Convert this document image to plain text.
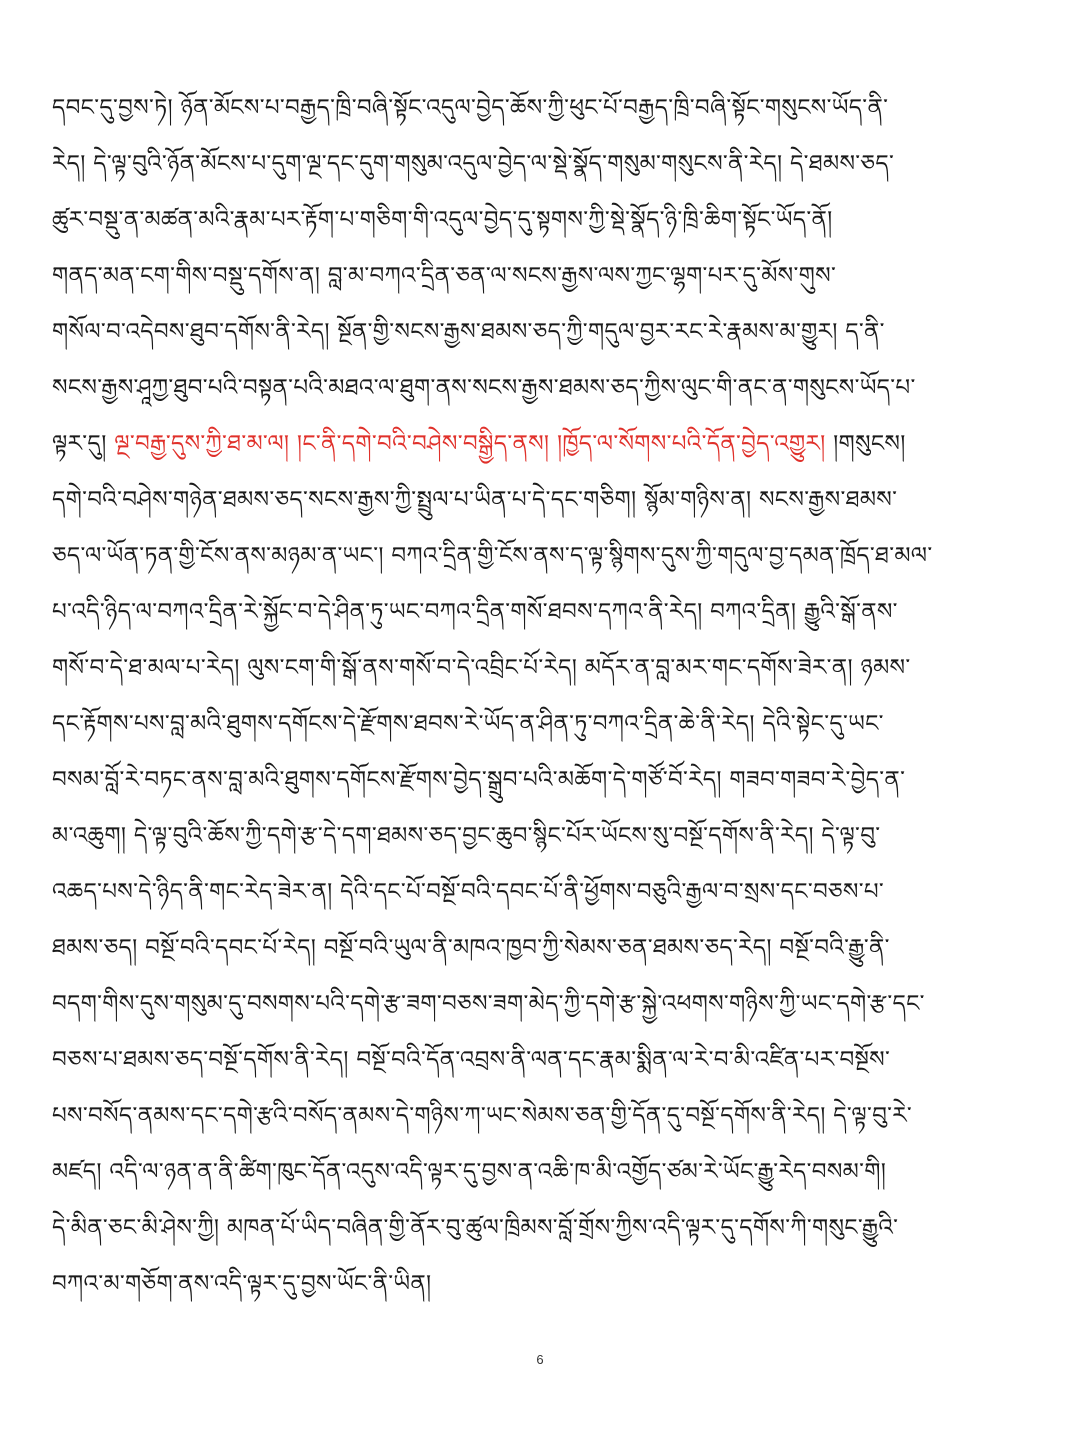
དབང་དུ་བྱས་ཏེ། ཉོན་མོངས་པ་བརྒྱད་ཁྲི་བཞི་སྟོང་འདུལ་བྱེད་ཆོས་ཀྱི་ཕུང་པོ་བརྒྱད་ཁྲི་བཞི་སྟོང་གསུངས་ཡོད་ནི་
རེད། དེ་ལྟ་བུའི་ཉོན་མོངས་པ་དུག་ལྔ་དང་དུག་གསུམ་འདུལ་བྱེད་ལ་སྡེ་སྣོད་གསུམ་གསུངས་ནི་རེད། དེ་ཐམས་ཅད་
ཚུར་བསྡུ་ན་མཚན་མའི་རྣམ་པར་རྟོག་པ་གཅིག་གི་འདུལ་བྱེད་དུ་སྟགས་ཀྱི་སྡེ་སྣོད་ཉི་ཁྲི་ཆིག་སྟོང་ཡོད་ནོ།
གནད་མན་ངག་གིས་བསྡུ་དགོས་ན། བླ་མ་བཀའ་དྲིན་ཅན་ལ་སངས་རྒྱས་ལས་ཀྱང་ལྷག་པར་དུ་མོས་གུས་
གསོལ་བ་འདེབས་ཐུབ་དགོས་ནི་རེད། སྔོན་གྱི་སངས་རྒྱས་ཐམས་ཅད་ཀྱི་གདུལ་བྱར་རང་རེ་རྣམས་མ་གྱུར། ད་ནི་
སངས་རྒྱས་ཤཱཀྱ་ཐུབ་པའི་བསྟན་པའི་མཐའ་ལ་ཐུག་ནས་སངས་རྒྱས་ཐམས་ཅད་ཀྱིས་ལུང་གི་ནང་ན་གསུངས་ཡོད་པ་
ལྟར་དུ། ལྔ་བརྒྱ་དུས་ཀྱི་ཐ་མ་ལ། །ང་ནི་དགེ་བའི་བཤེས་བསྒྱིད་ནས། །ཁྱོད་ལ་སོགས་པའི་དོན་བྱེད་འགྱུར། །གསུངས།
དགེ་བའི་བཤེས་གཉེན་ཐམས་ཅད་སངས་རྒྱས་ཀྱི་སྤྲུལ་པ་ཡིན་པ་དེ་དང་གཅིག། སྙོམ་གཉིས་ན། སངས་རྒྱས་ཐམས་
ཅད་ལ་ཡོན་ཏན་གྱི་ངོས་ནས་མཉམ་ན་ཡང་། བཀའ་དྲིན་གྱི་ངོས་ནས་ད་ལྟ་སྙིགས་དུས་ཀྱི་གདུལ་བྱ་དམན་ཁྲོད་ཐ་མལ་
པ་འདི་ཉིད་ལ་བཀའ་དྲིན་རེ་སྐྱོང་བ་དེ་ཤིན་ཏུ་ཡང་བཀའ་དྲིན་གསོ་ཐབས་དཀའ་ནི་རེད། བཀའ་དྲིན། རྒྱུའི་སྒོ་ནས་
གསོ་བ་དེ་ཐ་མལ་པ་རེད། ལུས་ངག་གི་སྒོ་ནས་གསོ་བ་དེ་འབྲིང་པོ་རེད། མདོར་ན་བླ་མར་གང་དགོས་ཟེར་ན། ཉམས་
དང་རྟོགས་པས་བླ་མའི་ཐུགས་དགོངས་དེ་རྫོགས་ཐབས་རེ་ཡོད་ན་ཤིན་ཏུ་བཀའ་དྲིན་ཆེ་ནི་རེད། དེའི་སྟེང་དུ་ཡང་
བསམ་བློ་རེ་བཏང་ནས་བླ་མའི་ཐུགས་དགོངས་རྫོགས་བྱེད་སྒྲུབ་པའི་མཆོག་དེ་གཙོ་བོ་རེད། གཟབ་གཟབ་རེ་བྱེད་ན་
མ་འཆུག། དེ་ལྟ་བུའི་ཆོས་ཀྱི་དགེ་རྩ་དེ་དག་ཐམས་ཅད་བྱང་ཆུབ་སྙིང་པོར་ཡོངས་སུ་བསྔོ་དགོས་ནི་རེད། དེ་ལྟ་བུ་
འཆད་པས་དེ་ཉིད་ནི་གང་རེད་ཟེར་ན། དེའི་དང་པོ་བསྔོ་བའི་དབང་པོ་ནི་ཕྱོགས་བཅུའི་རྒྱལ་བ་སྲས་དང་བཅས་པ་
ཐམས་ཅད། བསྔོ་བའི་དབང་པོ་རེད། བསྔོ་བའི་ཡུལ་ནི་མཁའ་ཁྱབ་ཀྱི་སེམས་ཅན་ཐམས་ཅད་རེད། བསྔོ་བའི་རྒྱུ་ནི་
བདག་གིས་དུས་གསུམ་དུ་བསགས་པའི་དགེ་རྩ་ཟག་བཅས་ཟག་མེད་ཀྱི་དགེ་རྩ་སྐྱེ་འཕགས་གཉིས་ཀྱི་ཡང་དགེ་རྩ་དང་
བཅས་པ་ཐམས་ཅད་བསྔོ་དགོས་ནི་རེད། བསྔོ་བའི་དོན་འབྲས་ནི་ལན་དང་རྣམ་སྨིན་ལ་རེ་བ་མི་འཛིན་པར་བསྔོས་
པས་བསོད་ནམས་དང་དགེ་རྩའི་བསོད་ནམས་དེ་གཉིས་ཀ་ཡང་སེམས་ཅན་གྱི་དོན་དུ་བསྔོ་དགོས་ནི་རེད། དེ་ལྟ་བུ་རེ་
མཛད། འདི་ལ་ཉན་ན་ནི་ཚིག་ཁུང་དོན་འདུས་འདི་ལྟར་དུ་བྱས་ན་འཆི་ཁ་མི་འགྱོད་ཙམ་རེ་ཡོང་རྒྱུ་རེད་བསམ་གི།
དེ་མིན་ཅང་མི་ཤེས་ཀྱི། མཁན་པོ་ཡིད་བཞིན་གྱི་ནོར་བུ་ཚུལ་ཁྲིམས་བློ་གྲོས་ཀྱིས་འདི་ལྟར་དུ་དགོས་ཀི་གསུང་རྒྱུའི་
བཀའ་མ་གཅོག་ནས་འདི་ལྟར་དུ་བྱས་ཡོང་ནི་ཡིན།
6
